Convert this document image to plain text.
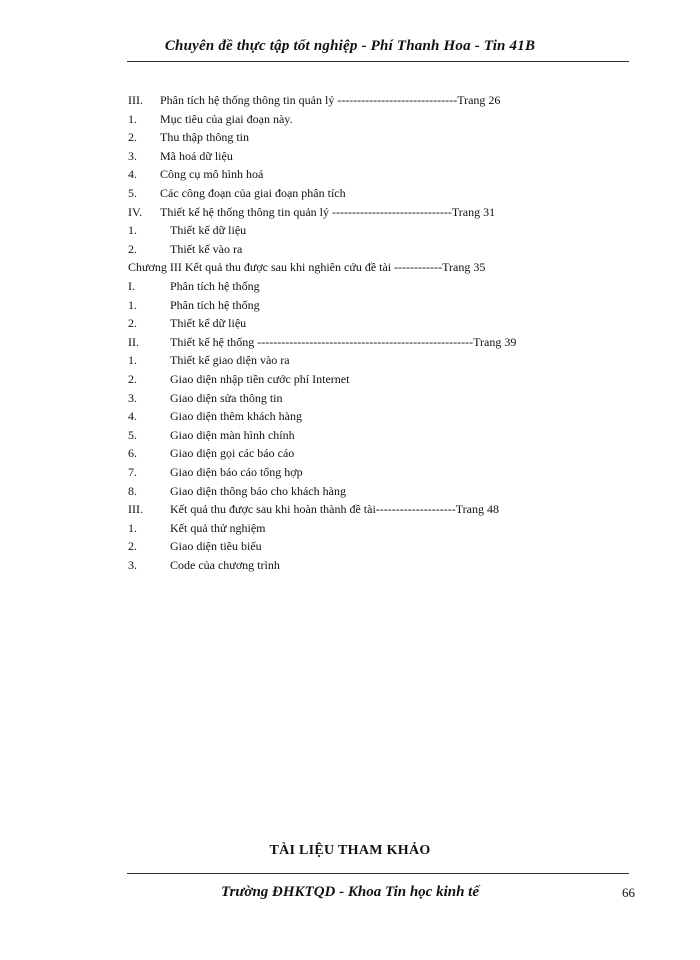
Chuyên đề thực tập tốt nghiệp - Phí Thanh Hoa - Tin 41B
III. Phân tích hệ thống thông tin quản lý ------------------------------Trang 26
1. Mục tiêu của giai đoạn này.
2. Thu thập thông tin
3. Mã hoá dữ liệu
4. Công cụ mô hình hoá
5. Các công đoạn của giai đoạn phân tích
IV. Thiết kế hệ thống thông tin quản lý ------------------------------Trang 31
1.	Thiết kế dữ liệu
2.	Thiết kế vào ra
Chương III Kết quả thu được sau khi nghiên cứu đề tài ------------Trang 35
I.	Phân tích hệ thống
1.	Phân tích hệ thống
2.	Thiết kế dữ liệu
II.	Thiết kế hệ thống ------------------------------------------------------Trang 39
1.	Thiết kế giao diện vào ra
2.	Giao diện nhập tiền cước phí Internet
3.	Giao diện sửa thông tin
4.	Giao diện thêm khách hàng
5.	Giao diện màn hình chính
6.	Giao diện gọi các báo cáo
7.	Giao diện báo cáo tổng hợp
8.	Giao diện thông báo cho khách hàng
III. Kết quả thu được sau khi hoàn thành đề tài--------------------Trang 48
1.	Kết quả thử nghiệm
2.	Giao diện tiêu biểu
3.	Code của chương trình
TÀI LIỆU THAM KHẢO
Trường ĐHKTQD - Khoa Tin học kinh tế	66
